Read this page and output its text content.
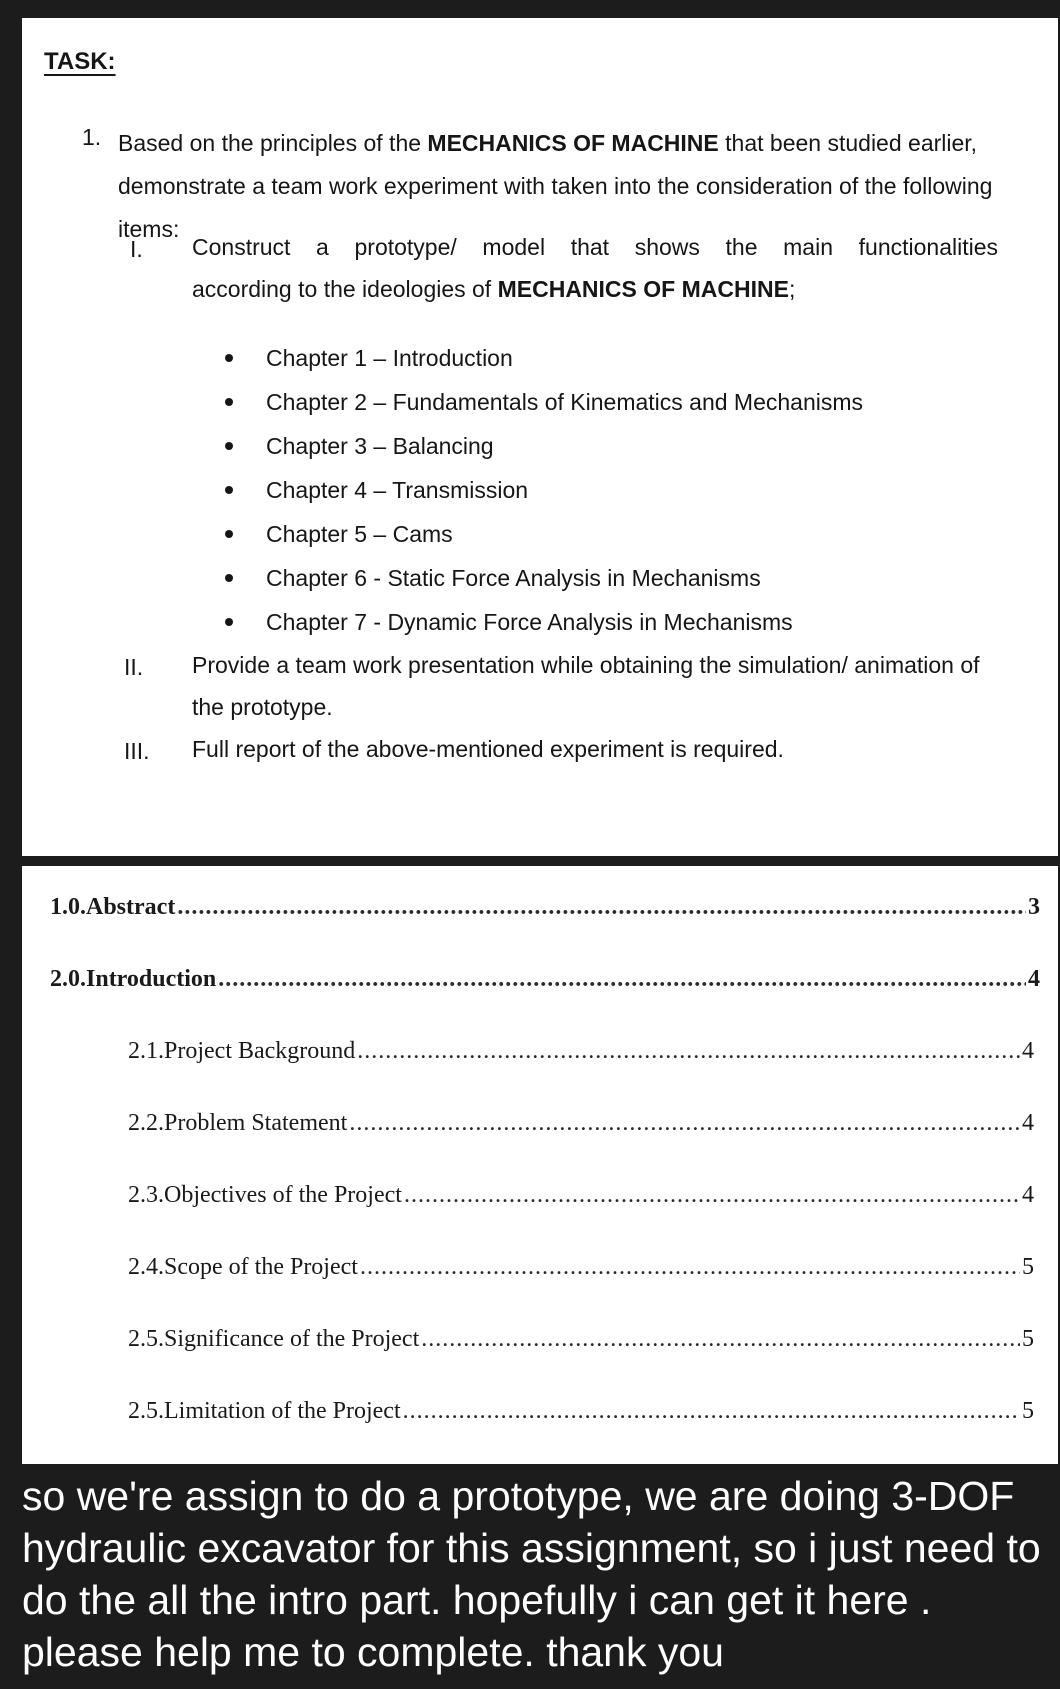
TASK:
1. Based on the principles of the MECHANICS OF MACHINE that been studied earlier, demonstrate a team work experiment with taken into the consideration of the following items:

I. Construct a prototype/ model that shows the main functionalities

according to the ideologies of MECHANICS OF MACHINE;

Chapter 1 – Introduction
Chapter 2 – Fundamentals of Kinematics and Mechanisms
Chapter 3 – Balancing
Chapter 4 – Transmission
Chapter 5 – Cams
Chapter 6 - Static Force Analysis in Mechanisms
Chapter 7 - Dynamic Force Analysis in Mechanisms
II. Provide a team work presentation while obtaining the simulation/ animation of the prototype.

III. Full report of the above-mentioned experiment is required.

1.0.Abstract .....	3
2.0.Introduction .....	4
2.1.Project Background .....	4
2.2.Problem Statement .....	4
2.3.Objectives of the Project .....	4
2.4.Scope of the Project .....	5
2.5.Significance of the Project .....	5
2.5.Limitation of the Project .....	5

so we're assign to do a prototype, we are doing 3-DOF hydraulic excavator for this assignment, so i just need to do the all the intro part. hopefully i can get it here . please help me to complete. thank you
